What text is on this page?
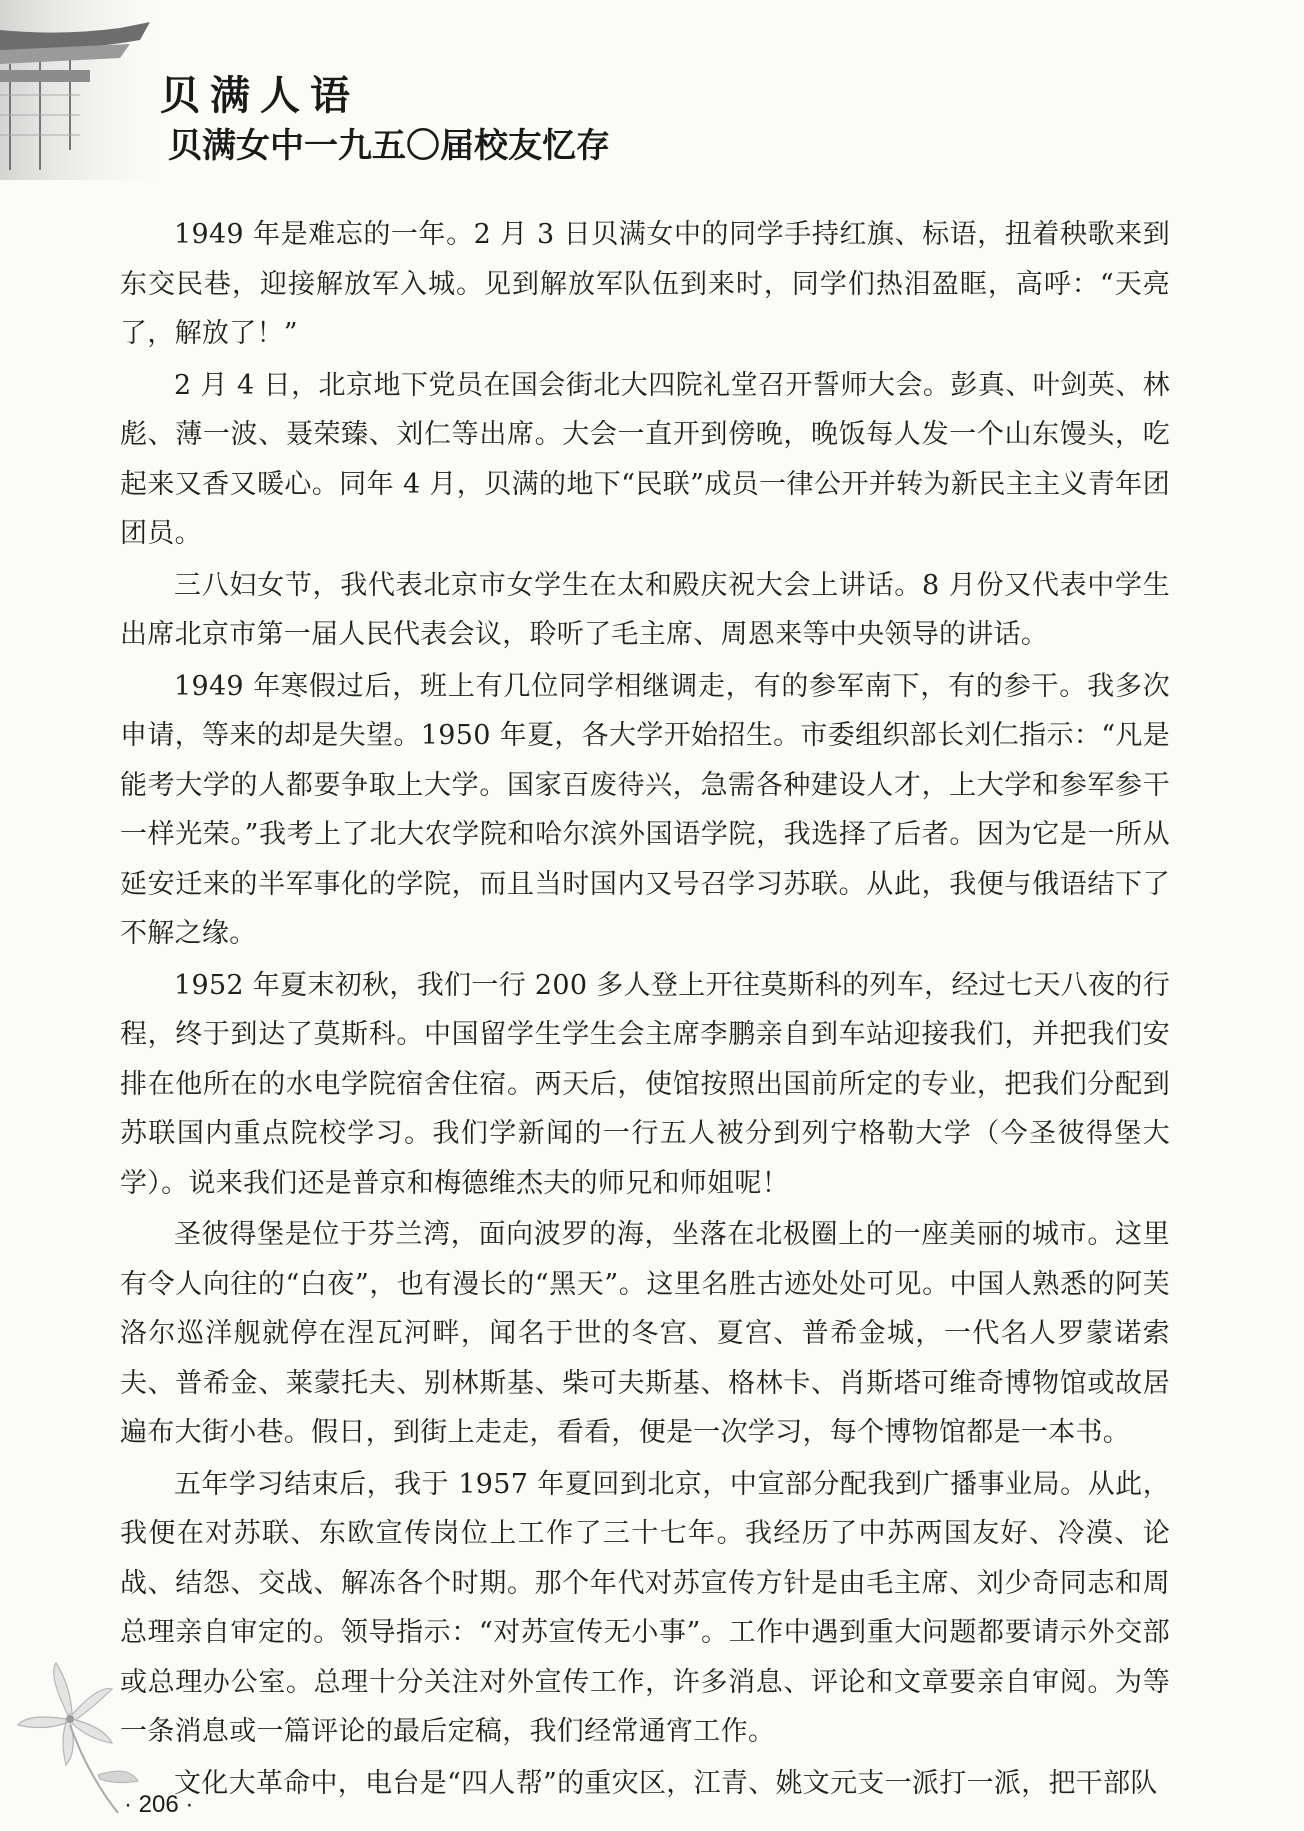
贝满人语
贝满女中一九五〇届校友忆存

1949 年是难忘的一年。2 月 3 日贝满女中的同学手持红旗、标语，扭着秧歌来到东交民巷，迎接解放军入城。见到解放军队伍到来时，同学们热泪盈眶，高呼：“天亮了，解放了！”

2 月 4 日，北京地下党员在国会街北大四院礼堂召开誓师大会。彭真、叶剑英、林彪、薄一波、聂荣臻、刘仁等出席。大会一直开到傍晚，晚饭每人发一个山东馒头，吃起来又香又暖心。同年 4 月，贝满的地下“民联”成员一律公开并转为新民主主义青年团团员。

三八妇女节，我代表北京市女学生在太和殿庆祝大会上讲话。8 月份又代表中学生出席北京市第一届人民代表会议，聆听了毛主席、周恩来等中央领导的讲话。

1949 年寒假过后，班上有几位同学相继调走，有的参军南下，有的参干。我多次申请，等来的却是失望。1950 年夏，各大学开始招生。市委组织部长刘仁指示：“凡是能考大学的人都要争取上大学。国家百废待兴，急需各种建设人才，上大学和参军参干一样光荣。”我考上了北大农学院和哈尔滨外国语学院，我选择了后者。因为它是一所从延安迁来的半军事化的学院，而且当时国内又号召学习苏联。从此，我便与俄语结下了不解之缘。

1952 年夏末初秋，我们一行 200 多人登上开往莫斯科的列车，经过七天八夜的行程，终于到达了莫斯科。中国留学生学生会主席李鹏亲自到车站迎接我们，并把我们安排在他所在的水电学院宿舍住宿。两天后，使馆按照出国前所定的专业，把我们分配到苏联国内重点院校学习。我们学新闻的一行五人被分到列宁格勒大学（今圣彼得堡大学）。说来我们还是普京和梅德维杰夫的师兄和师姐呢！

圣彼得堡是位于芬兰湾，面向波罗的海，坐落在北极圈上的一座美丽的城市。这里有令人向往的“白夜”，也有漫长的“黑天”。这里名胜古迹处处可见。中国人熟悉的阿芙洛尔巡洋舰就停在涅瓦河畔，闻名于世的冬宫、夏宫、普希金城，一代名人罗蒙诺索夫、普希金、莱蒙托夫、别林斯基、柴可夫斯基、格林卡、肖斯塔可维奇博物馆或故居遍布大街小巷。假日，到街上走走，看看，便是一次学习，每个博物馆都是一本书。

五年学习结束后，我于 1957 年夏回到北京，中宣部分配我到广播事业局。从此，我便在对苏联、东欧宣传岗位上工作了三十七年。我经历了中苏两国友好、冷漠、论战、结怨、交战、解冻各个时期。那个年代对苏宣传方针是由毛主席、刘少奇同志和周总理亲自审定的。领导指示：“对苏宣传无小事”。工作中遇到重大问题都要请示外交部或总理办公室。总理十分关注对外宣传工作，许多消息、评论和文章要亲自审阅。为等一条消息或一篇评论的最后定稿，我们经常通宵工作。

文化大革命中，电台是“四人帮”的重灾区，江青、姚文元支一派打一派，把干部队

· 206 ·
